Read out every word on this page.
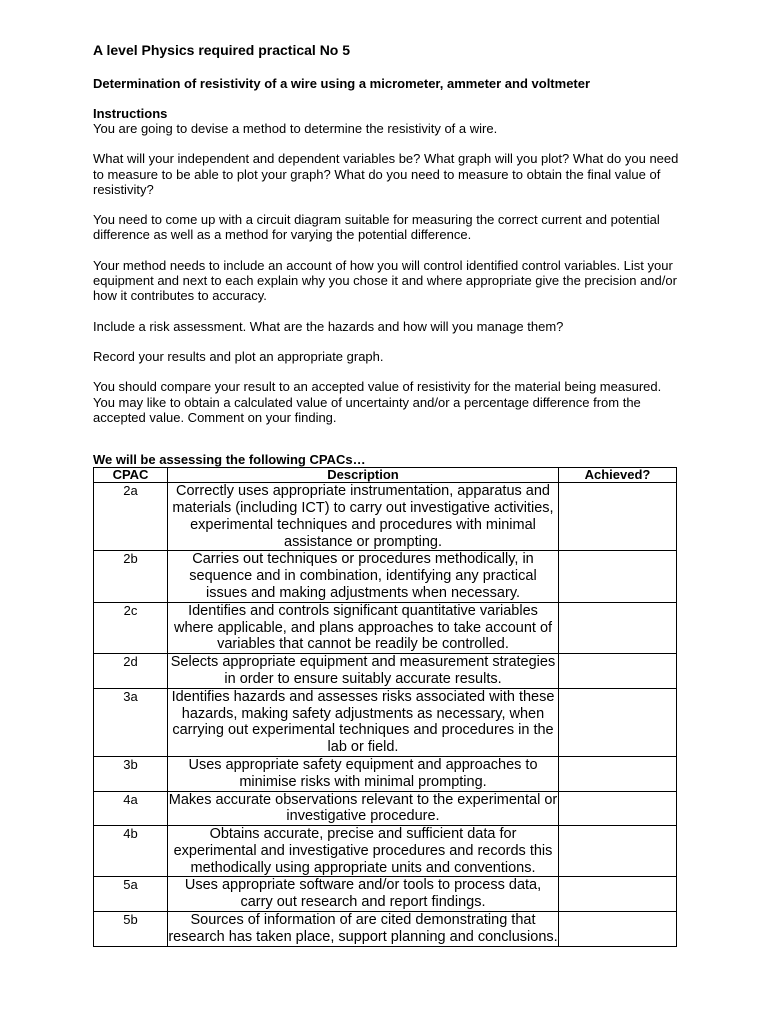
A level Physics required practical No 5

Determination of resistivity of a wire using a micrometer, ammeter and voltmeter

Instructions

You are going to devise a method to determine the resistivity of a wire.

What will your independent and dependent variables be? What graph will you plot? What do you need to measure to be able to plot your graph? What do you need to measure to obtain the final value of resistivity?

You need to come up with a circuit diagram suitable for measuring the correct current and potential difference as well as a method for varying the potential difference.

Your method needs to include an account of how you will control identified control variables. List your equipment and next to each explain why you chose it and where appropriate give the precision and/or how it contributes to accuracy.

Include a risk assessment. What are the hazards and how will you manage them?

Record your results and plot an appropriate graph.

You should compare your result to an accepted value of resistivity for the material being measured. You may like to obtain a calculated value of uncertainty and/or a percentage difference from the accepted value. Comment on your finding.

We will be assessing the following CPACs…

CPAC	Description	Achieved?
2a	Correctly uses appropriate instrumentation, apparatus and materials (including ICT) to carry out investigative activities, experimental techniques and procedures with minimal assistance or prompting.	
2b	Carries out techniques or procedures methodically, in sequence and in combination, identifying any practical issues and making adjustments when necessary.	
2c	Identifies and controls significant quantitative variables where applicable, and plans approaches to take account of variables that cannot be readily be controlled.	
2d	Selects appropriate equipment and measurement strategies in order to ensure suitably accurate results.	
3a	Identifies hazards and assesses risks associated with these hazards, making safety adjustments as necessary, when carrying out experimental techniques and procedures in the lab or field.	
3b	Uses appropriate safety equipment and approaches to minimise risks with minimal prompting.	
4a	Makes accurate observations relevant to the experimental or investigative procedure.	
4b	Obtains accurate, precise and sufficient data for experimental and investigative procedures and records this methodically using appropriate units and conventions.	
5a	Uses appropriate software and/or tools to process data, carry out research and report findings.	
5b	Sources of information of are cited demonstrating that research has taken place, support planning and conclusions.	
